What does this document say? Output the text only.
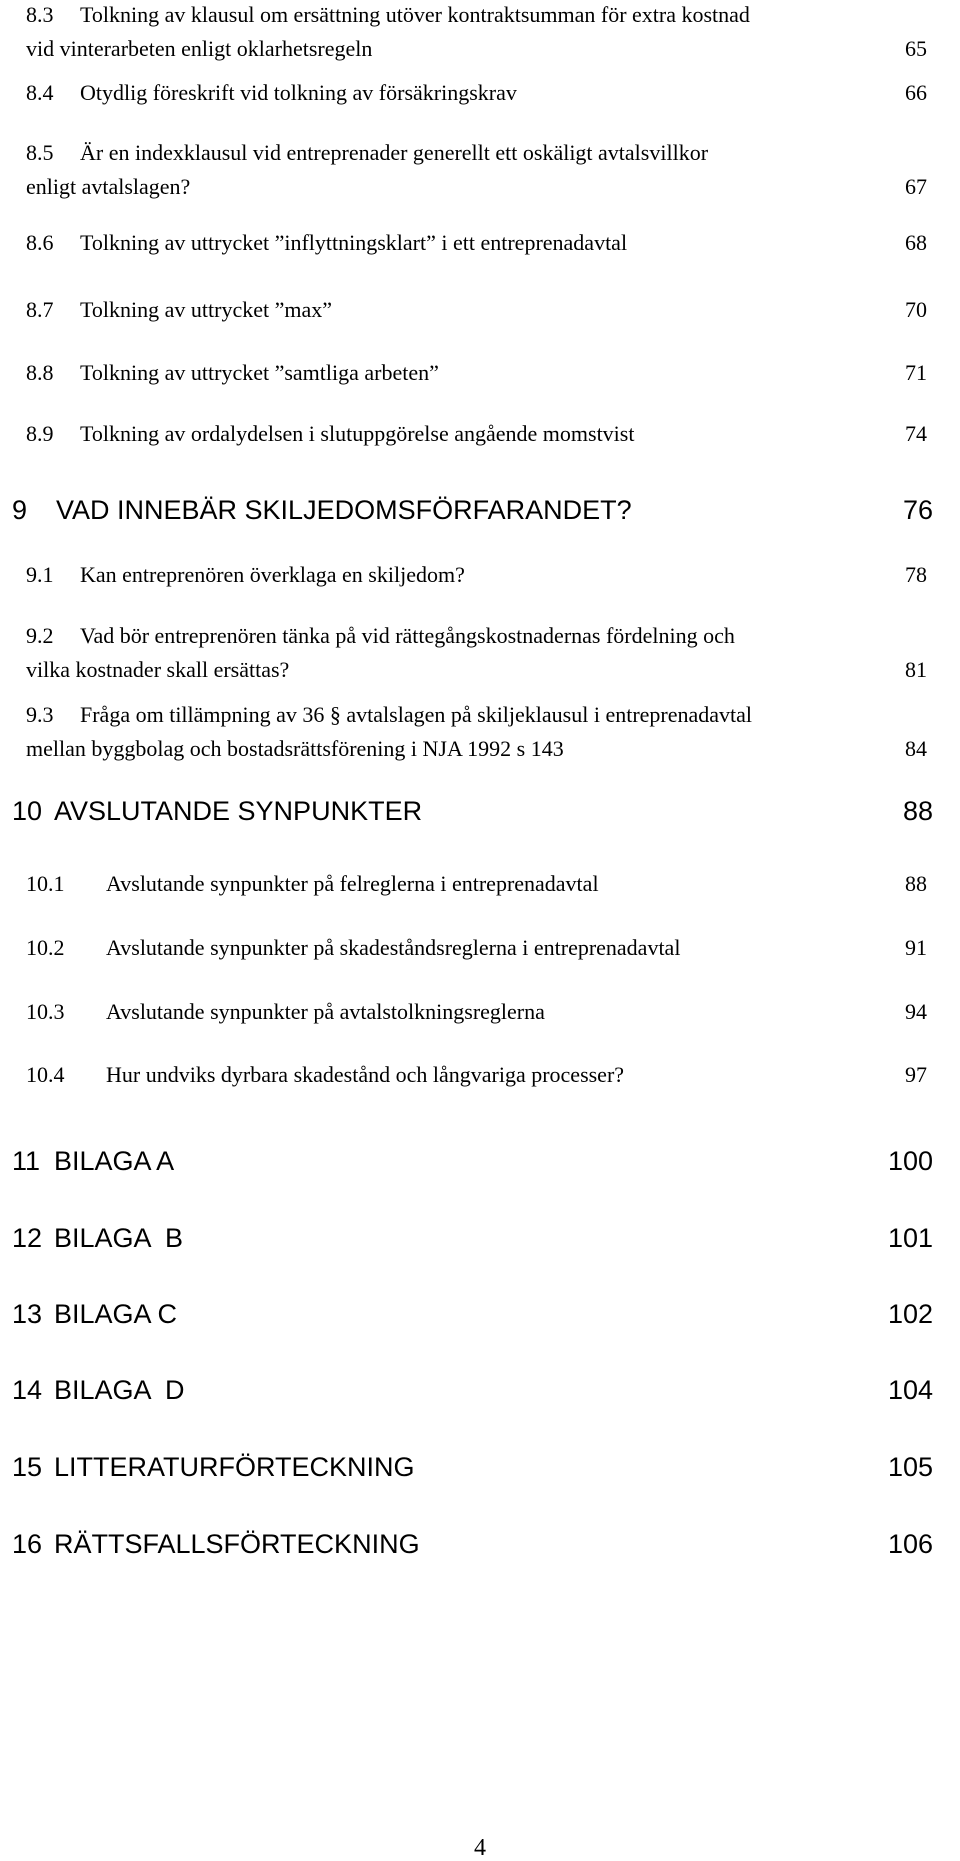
8.3 Tolkning av klausul om ersättning utöver kontraktsumman för extra kostnad
vid vinterarbeten enligt oklarhetsregeln	65
8.4 Otydlig föreskrift vid tolkning av försäkringskrav	66
8.5 Är en indexklausul vid entreprenader generellt ett oskäligt avtalsvillkor
enligt avtalslagen?	67
8.6 Tolkning av uttrycket ”inflyttningsklart” i ett entreprenadavtal	68
8.7 Tolkning av uttrycket ”max”	70
8.8 Tolkning av uttrycket ”samtliga arbeten”	71
8.9 Tolkning av ordalydelsen i slutuppgörelse angående momstvist	74
9 VAD INNEBÄR SKILJEDOMSFÖRFARANDET?	76
9.1 Kan entreprenören överklaga en skiljedom?	78
9.2 Vad bör entreprenören tänka på vid rättegångskostnadernas fördelning och
vilka kostnader skall ersättas?	81
9.3 Fråga om tillämpning av 36 § avtalslagen på skiljeklausul i entreprenadavtal
mellan byggbolag och bostadsrättsförening i NJA 1992 s 143	84
10 AVSLUTANDE SYNPUNKTER	88
10.1 Avslutande synpunkter på felreglerna i entreprenadavtal	88
10.2 Avslutande synpunkter på skadeståndsreglerna i entreprenadavtal	91
10.3 Avslutande synpunkter på avtalstolkningsreglerna	94
10.4 Hur undviks dyrbara skadestånd och långvariga processer?	97
11 BILAGA A	100
12 BILAGA  B	101
13 BILAGA C	102
14 BILAGA  D	104
15 LITTERATURFÖRTECKNING	105
16 RÄTTSFALLSFÖRTECKNING	106
4
